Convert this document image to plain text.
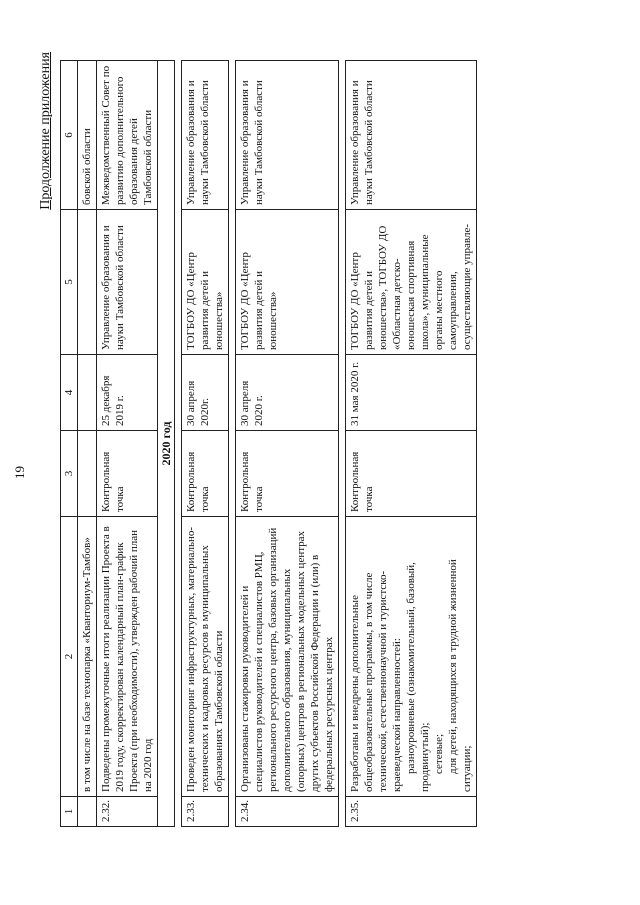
19
Продолжение приложения
1	2	3	4	5	6
	в том числе на базе технопарка «Кванториум-Тамбов»				бовской области
2.32.	Подведены промежуточные итоги реализации Проекта в 2019 году, скорректирован календарный план-график Проекта (при необходимости), утвержден рабочий план на 2020 год	Контрольная точка	25 декабря 2019 г.	Управление образования и науки Тамбовской области	Межведомственный Совет по развитию дополнительного образования детей Тамбовской области
2020 год					

2.33.	Проведен мониторинг инфраструктурных, материально-технических и кадровых ресурсов в муниципальных образованиях Тамбовской области	Контрольная точка	30 апреля 2020г.	ТОГБОУ ДО «Центр развития детей и юношества»	Управление образования и науки Тамбовской области

2.34.	Организованы стажировки руководителей и специалистов руководителей и специалистов РМЦ, регионального ресурсного центра, базовых организаций дополнительного образования, муниципальных (опорных) центров в региональных модельных центрах других субъектов Российской Федерации и (или) в федеральных ресурсных центрах	Контрольная точка	30 апреля 2020 г.	ТОГБОУ ДО «Центр развития детей и юношества»	Управление образования и науки Тамбовской области

2.35.	Разработаны и внедрены дополнительные общеобразовательные программы, в том числе технической, естественнонаучной и туристско-краеведческой направленностей: разноуровневые (ознакомительный, базовый, продвинутый); сетевые; для детей, находящихся в трудной жизненной ситуации;	Контрольная точка	31 мая 2020 г.	ТОГБОУ ДО «Центр развития детей и юношества», ТОГБОУ ДО «Областная детско-юношеская спортивная школа», муниципальные органы местного самоуправления, осуществляющие управле-	Управление образования и науки Тамбовской области
